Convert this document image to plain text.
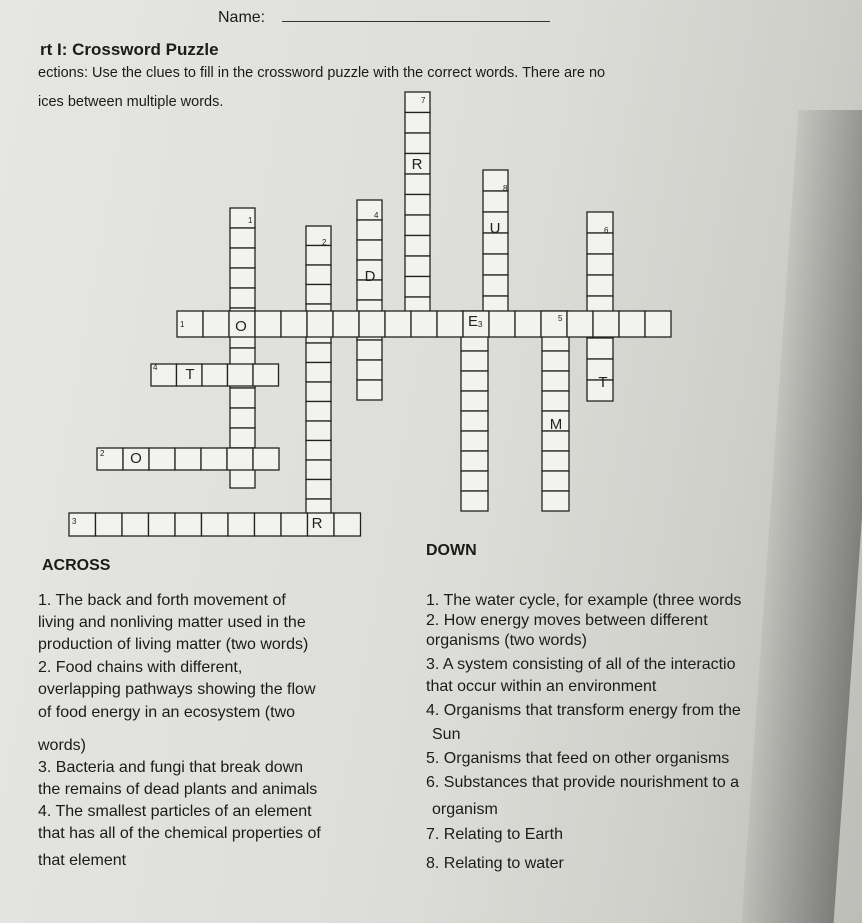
Name:
rt I: Crossword Puzzle
ections: Use the clues to fill in the crossword puzzle with the correct words. There are no
ices between multiple words.
R
U
D
O	E
T
M
T
O
R
7
8
4
1
2
6
1	3
5
4
2
3
DOWN
ACROSS
1. The back and forth movement of
living and nonliving matter used in the
production of living matter (two words)
2. Food chains with different,
overlapping pathways showing the flow
of food energy in an ecosystem (two
words)
3. Bacteria and fungi that break down
the remains of dead plants and animals
4. The smallest particles of an element
that has all of the chemical properties of
that element
1. The water cycle, for example (three words
2. How energy moves between different
organisms (two words)
3. A system consisting of all of the interactio
that occur within an environment
4. Organisms that transform energy from the
Sun
5. Organisms that feed on other organisms
6. Substances that provide nourishment to a
organism
7. Relating to Earth
8. Relating to water
